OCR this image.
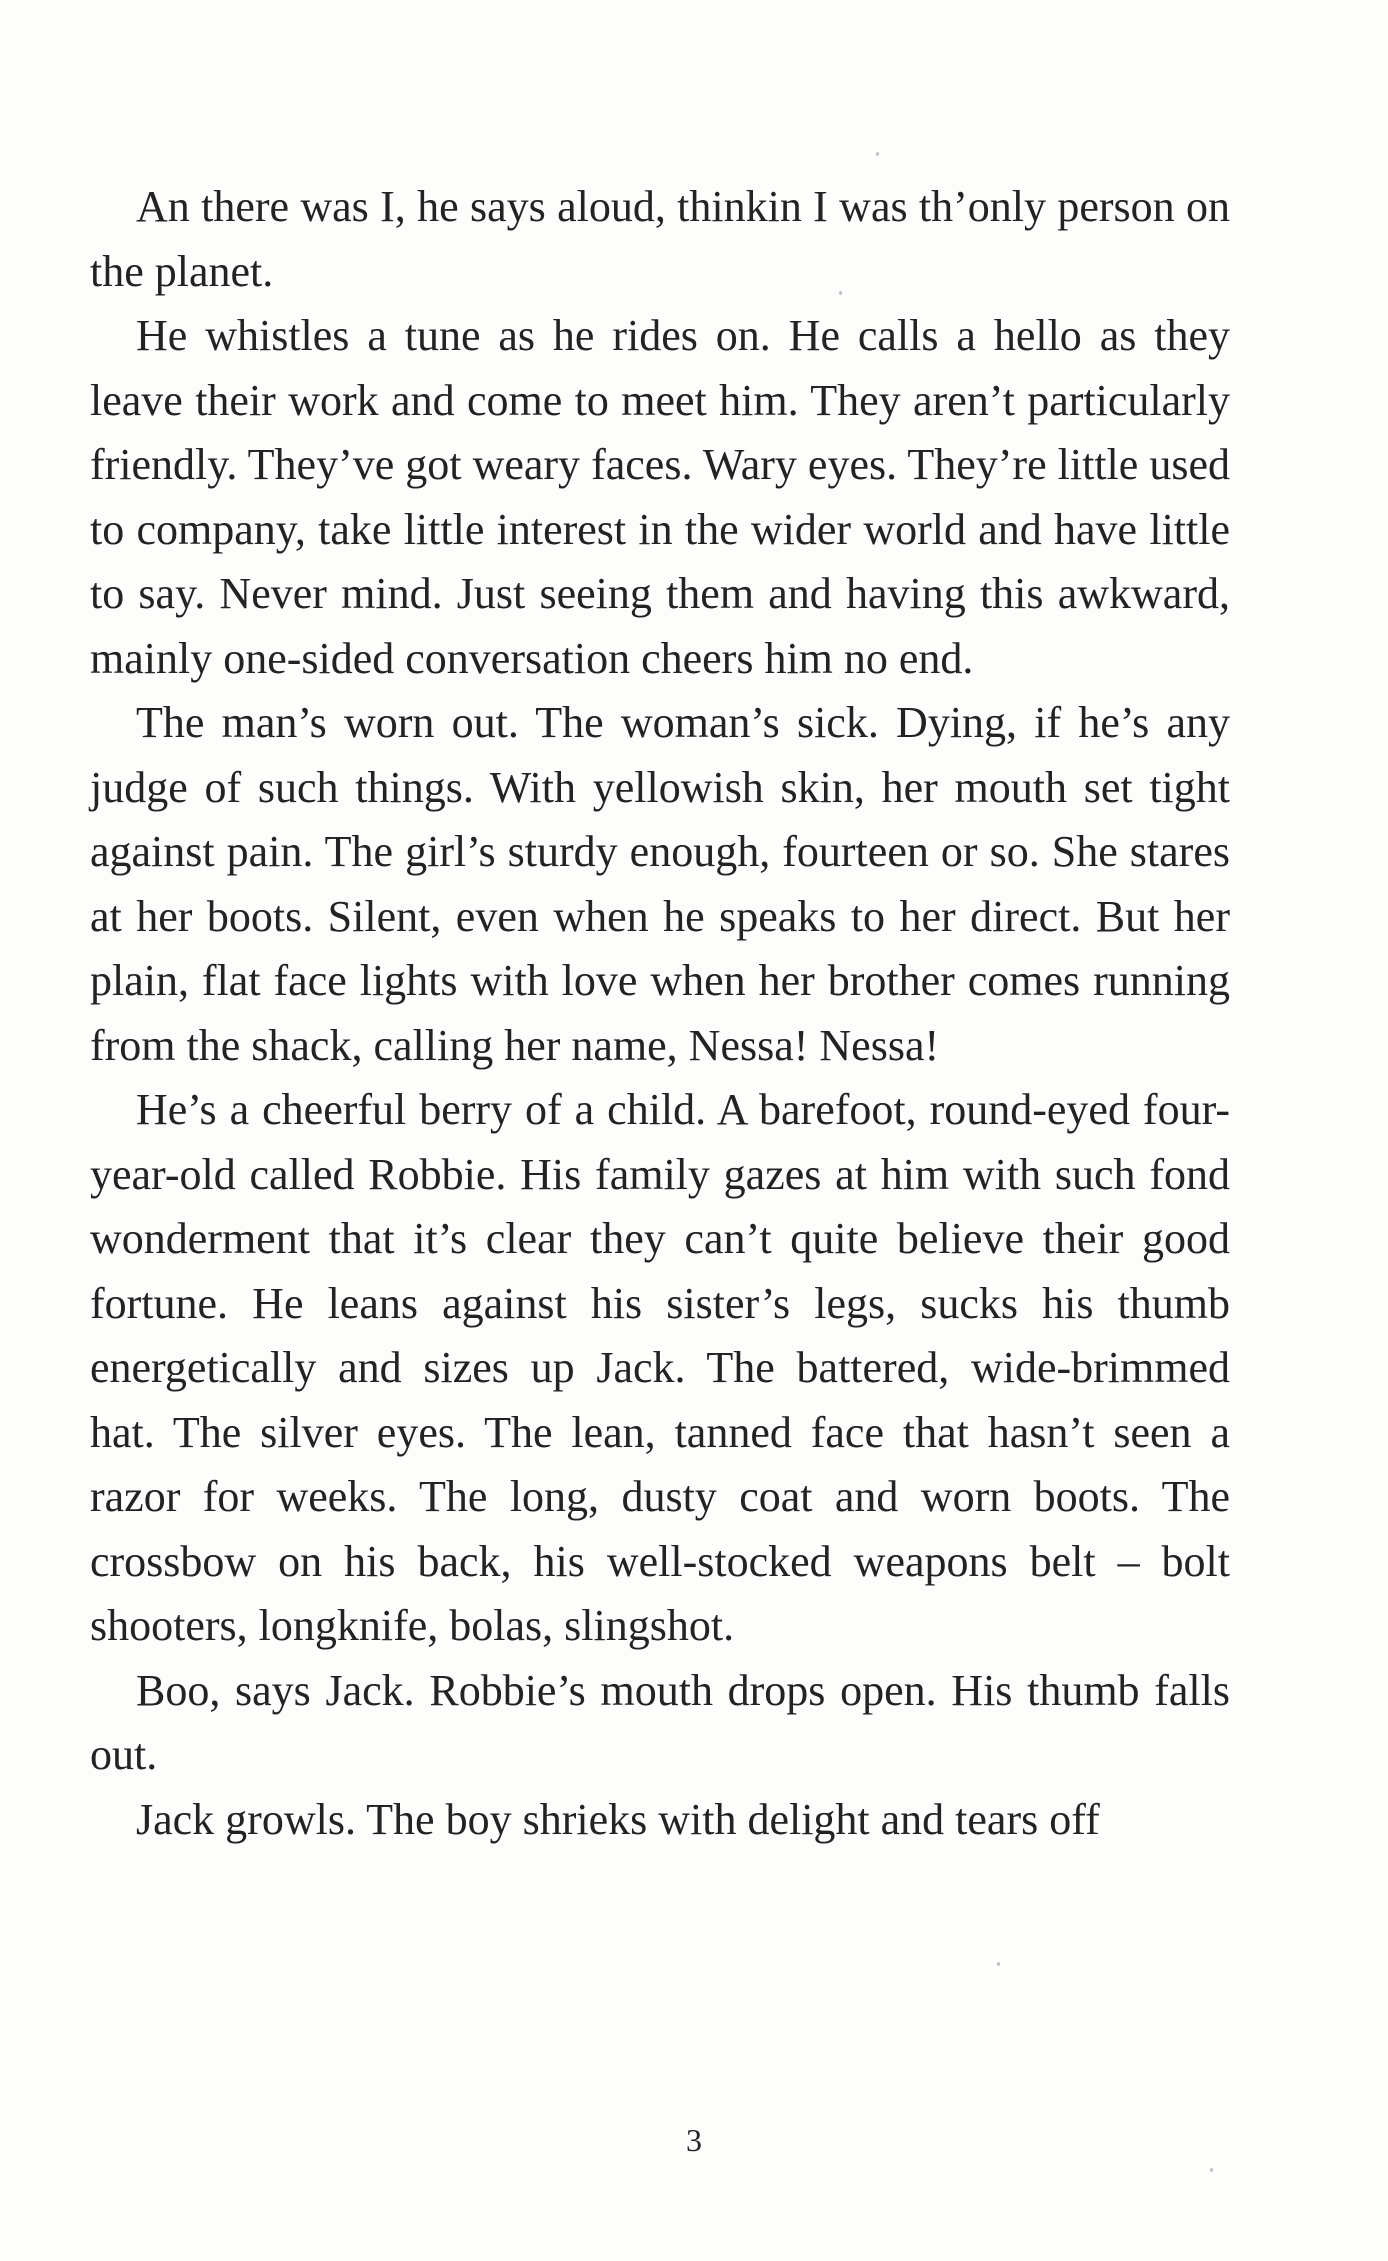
An there was I, he says aloud, thinkin I was th’only person on the planet.

He whistles a tune as he rides on. He calls a hello as they leave their work and come to meet him. They aren’t particularly friendly. They’ve got weary faces. Wary eyes. They’re little used to company, take little interest in the wider world and have little to say. Never mind. Just seeing them and having this awkward, mainly one-sided conversation cheers him no end.

The man’s worn out. The woman’s sick. Dying, if he’s any judge of such things. With yellowish skin, her mouth set tight against pain. The girl’s sturdy enough, fourteen or so. She stares at her boots. Silent, even when he speaks to her direct. But her plain, flat face lights with love when her brother comes running from the shack, calling her name, Nessa! Nessa!

He’s a cheerful berry of a child. A barefoot, round-eyed four-year-old called Robbie. His family gazes at him with such fond wonderment that it’s clear they can’t quite believe their good fortune. He leans against his sister’s legs, sucks his thumb energetically and sizes up Jack. The battered, wide-brimmed hat. The silver eyes. The lean, tanned face that hasn’t seen a razor for weeks. The long, dusty coat and worn boots. The crossbow on his back, his well-stocked weapons belt – bolt shooters, longknife, bolas, slingshot.

Boo, says Jack. Robbie’s mouth drops open. His thumb falls out.

Jack growls. The boy shrieks with delight and tears off

3
